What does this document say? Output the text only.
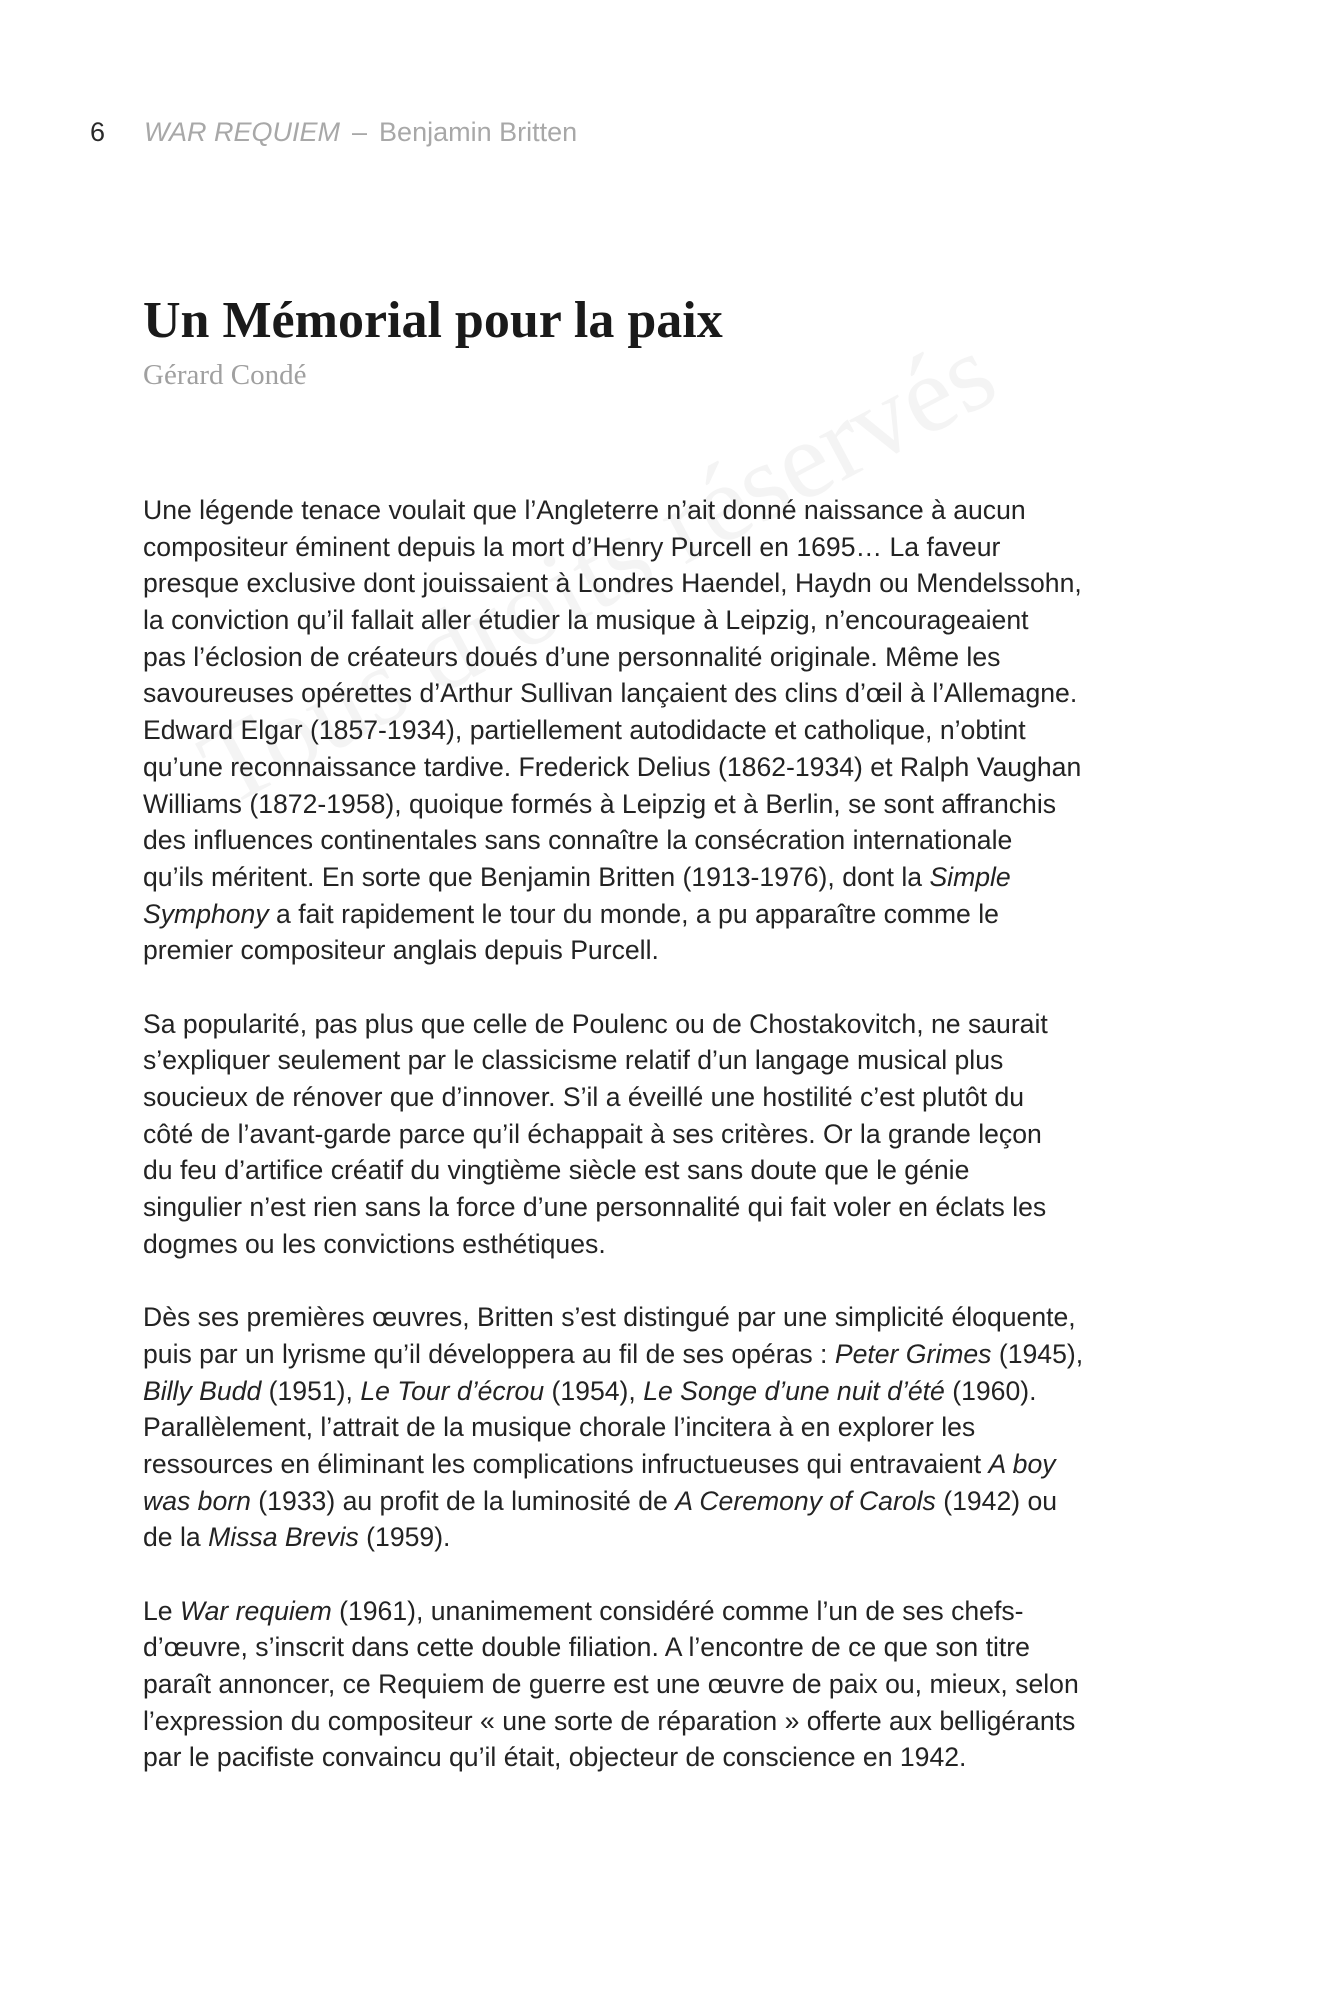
6 WAR REQUIEM – Benjamin Britten
Un Mémorial pour la paix
Gérard Condé
Une légende tenace voulait que l’Angleterre n’ait donné naissance à aucun
compositeur éminent depuis la mort d’Henry Purcell en 1695… La faveur
presque exclusive dont jouissaient à Londres Haendel, Haydn ou Mendelssohn,
la conviction qu’il fallait aller étudier la musique à Leipzig, n’encourageaient
pas l’éclosion de créateurs doués d’une personnalité originale. Même les
savoureuses opérettes d’Arthur Sullivan lançaient des clins d’œil à l’Allemagne.
Edward Elgar (1857-1934), partiellement autodidacte et catholique, n’obtint
qu’une reconnaissance tardive. Frederick Delius (1862-1934) et Ralph Vaughan
Williams (1872-1958), quoique formés à Leipzig et à Berlin, se sont affranchis
des influences continentales sans connaître la consécration internationale
qu’ils méritent. En sorte que Benjamin Britten (1913-1976), dont la Simple
Symphony a fait rapidement le tour du monde, a pu apparaître comme le
premier compositeur anglais depuis Purcell.
Sa popularité, pas plus que celle de Poulenc ou de Chostakovitch, ne saurait
s’expliquer seulement par le classicisme relatif d’un langage musical plus
soucieux de rénover que d’innover. S’il a éveillé une hostilité c’est plutôt du
côté de l’avant-garde parce qu’il échappait à ses critères. Or la grande leçon
du feu d’artifice créatif du vingtième siècle est sans doute que le génie
singulier n’est rien sans la force d’une personnalité qui fait voler en éclats les
dogmes ou les convictions esthétiques.
Dès ses premières œuvres, Britten s’est distingué par une simplicité éloquente,
puis par un lyrisme qu’il développera au fil de ses opéras : Peter Grimes (1945),
Billy Budd (1951), Le Tour d’écrou (1954), Le Songe d’une nuit d’été (1960).
Parallèlement, l’attrait de la musique chorale l’incitera à en explorer les
ressources en éliminant les complications infructueuses qui entravaient A boy
was born (1933) au profit de la luminosité de A Ceremony of Carols (1942) ou
de la Missa Brevis (1959).
Le War requiem (1961), unanimement considéré comme l’un de ses chefs-
d’œuvre, s’inscrit dans cette double filiation. A l’encontre de ce que son titre
paraît annoncer, ce Requiem de guerre est une œuvre de paix ou, mieux, selon
l’expression du compositeur « une sorte de réparation » offerte aux belligérants
par le pacifiste convaincu qu’il était, objecteur de conscience en 1942.
